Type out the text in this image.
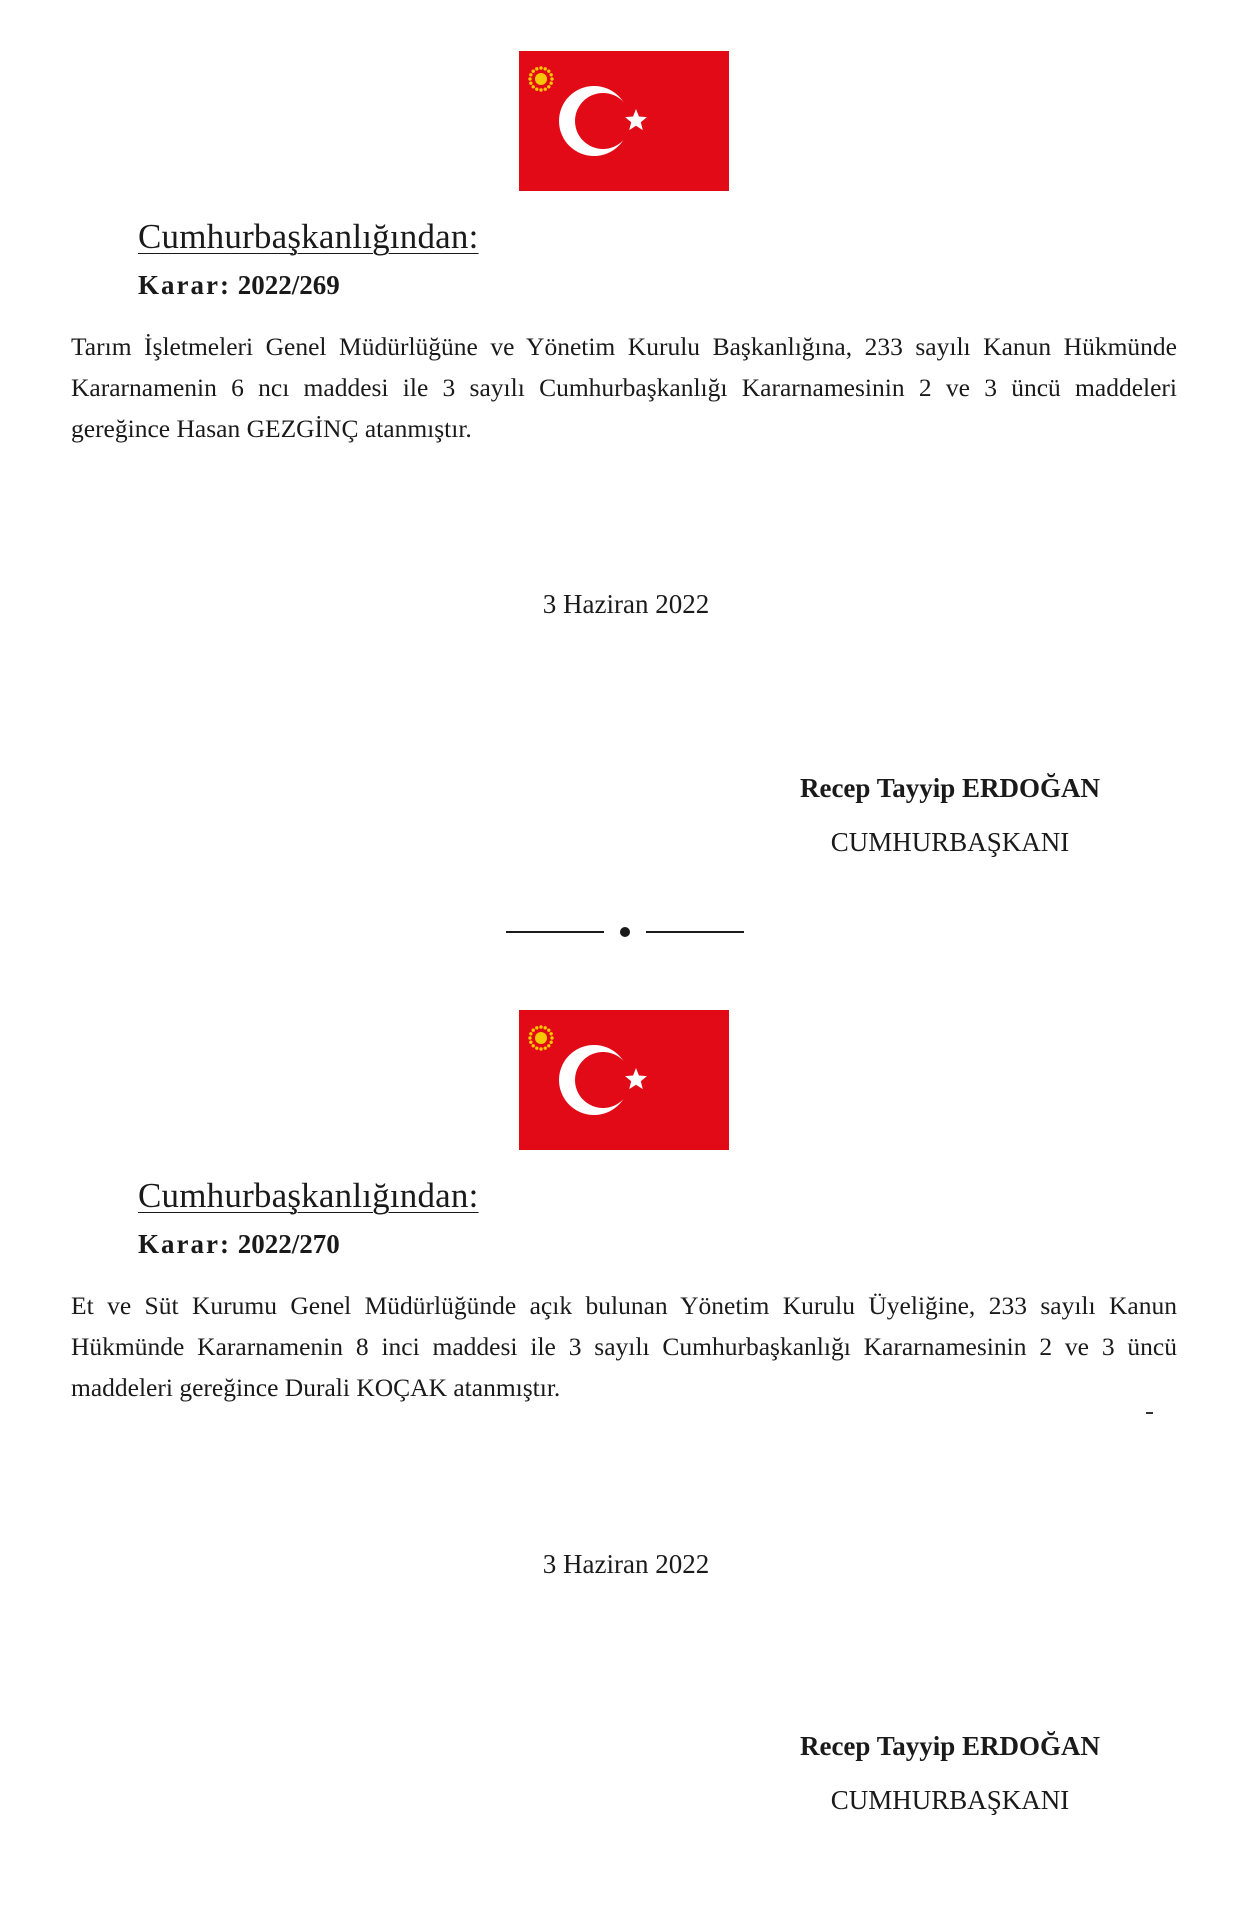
Cumhurbaşkanlığından:
Karar: 2022/269
Tarım İşletmeleri Genel Müdürlüğüne ve Yönetim Kurulu Başkanlığına, 233 sayılı Kanun Hükmünde Kararnamenin 6 ncı maddesi ile 3 sayılı Cumhurbaşkanlığı Kararnamesinin 2 ve 3 üncü maddeleri gereğince Hasan GEZGİNÇ atanmıştır.
3 Haziran 2022
Recep Tayyip ERDOĞAN
CUMHURBAŞKANI
Cumhurbaşkanlığından:
Karar: 2022/270
Et ve Süt Kurumu Genel Müdürlüğünde açık bulunan Yönetim Kurulu Üyeliğine, 233 sayılı Kanun Hükmünde Kararnamenin 8 inci maddesi ile 3 sayılı Cumhurbaşkanlığı Kararnamesinin 2 ve 3 üncü maddeleri gereğince Durali KOÇAK atanmıştır.
3 Haziran 2022
Recep Tayyip ERDOĞAN
CUMHURBAŞKANI
